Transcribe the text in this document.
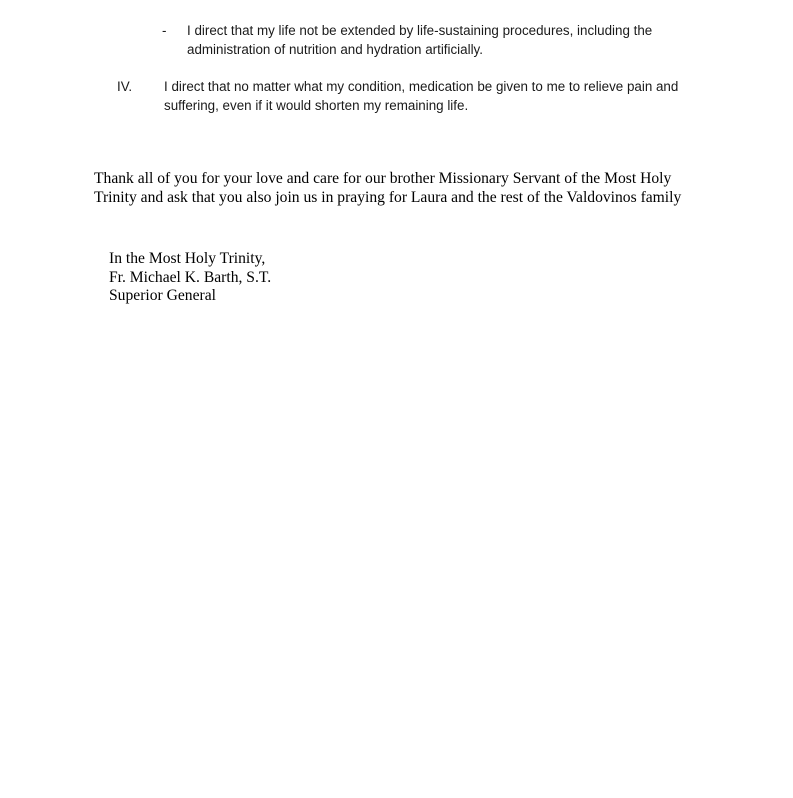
- I direct that my life not be extended by life-sustaining procedures, including the
administration of nutrition and hydration artificially.
IV. I direct that no matter what my condition, medication be given to me to relieve pain and
suffering, even if it would shorten my remaining life.
Thank all of you for your love and care for our brother Missionary Servant of the Most Holy
Trinity and ask that you also join us in praying for Laura and the rest of the Valdovinos family
In the Most Holy Trinity,
Fr. Michael K. Barth, S.T.
Superior General
